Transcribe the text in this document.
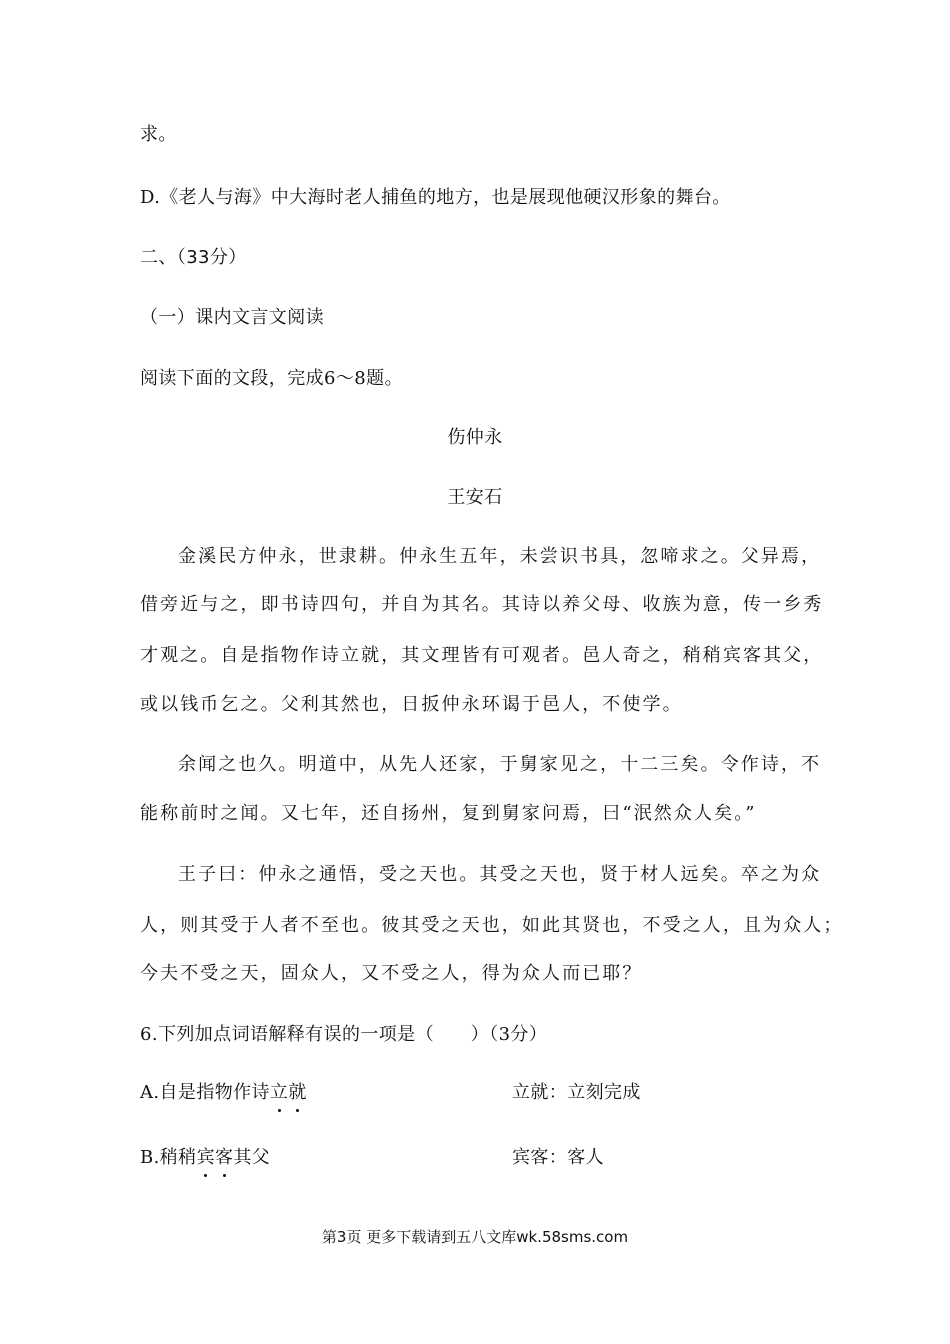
求。
D.《老人与海》中大海时老人捕鱼的地方，也是展现他硬汉形象的舞台。
二、（33分）
（一）课内文言文阅读
阅读下面的文段，完成6～8题。
伤仲永
王安石
金溪民方仲永，世隶耕。仲永生五年，未尝识书具，忽啼求之。父异焉，
借旁近与之，即书诗四句，并自为其名。其诗以养父母、收族为意，传一乡秀
才观之。自是指物作诗立就，其文理皆有可观者。邑人奇之，稍稍宾客其父，
或以钱币乞之。父利其然也，日扳仲永环谒于邑人，不使学。
余闻之也久。明道中，从先人还家，于舅家见之，十二三矣。令作诗，不
能称前时之闻。又七年，还自扬州，复到舅家问焉，曰“泯然众人矣。”
王子曰：仲永之通悟，受之天也。其受之天也，贤于材人远矣。卒之为众
人，则其受于人者不至也。彼其受之天也，如此其贤也，不受之人，且为众人；
今夫不受之天，固众人，又不受之人，得为众人而已耶？
6.下列加点词语解释有误的一项是（　　）（3分）
A.自是指物作诗立就	立就：立刻完成
B.稍稍宾客其父	宾客：客人
第3页 更多下载请到五八文库wk.58sms.com
